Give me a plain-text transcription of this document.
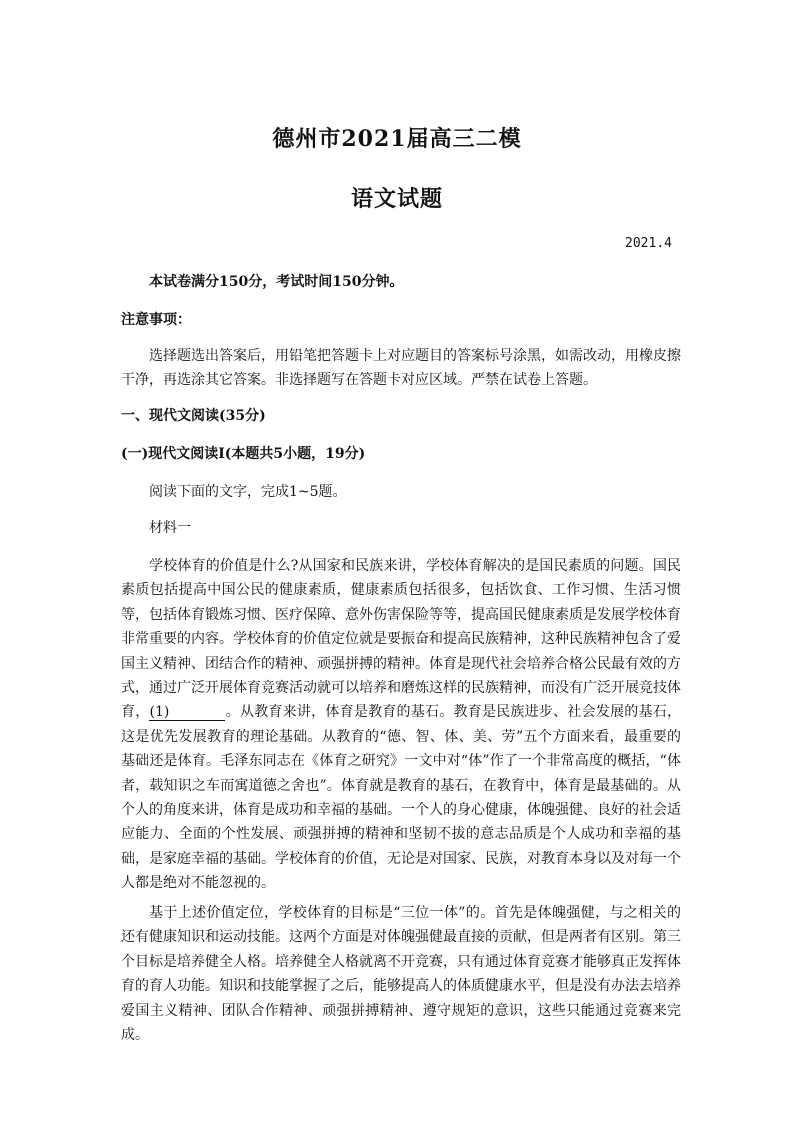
德州市2021届高三二模
语文试题
2021.4
本试卷满分150分，考试时间150分钟。
注意事项：
选择题选出答案后，用铅笔把答题卡上对应题目的答案标号涂黑，如需改动，用橡皮擦干净，再选涂其它答案。非选择题写在答题卡对应区域。严禁在试卷上答题。
一、现代文阅读(35分)
(一)现代文阅读Ⅰ(本题共5小题，19分)
阅读下面的文字，完成1~5题。
材料一
学校体育的价值是什么?从国家和民族来讲，学校体育解决的是国民素质的问题。国民素质包括提高中国公民的健康素质，健康素质包括很多，包括饮食、工作习惯、生活习惯等，包括体育锻炼习惯、医疗保障、意外伤害保险等等，提高国民健康素质是发展学校体育非常重要的内容。学校体育的价值定位就是要振奋和提高民族精神，这种民族精神包含了爱国主义精神、团结合作的精神、顽强拼搏的精神。体育是现代社会培养合格公民最有效的方式，通过广泛开展体育竞赛活动就可以培养和磨炼这样的民族精神，而没有广泛开展竞技体育，(1)	。从教育来讲，体育是教育的基石。教育是民族进步、社会发展的基石，这是优先发展教育的理论基础。从教育的“德、智、体、美、劳”五个方面来看，最重要的基础还是体育。毛泽东同志在《体育之研究》一文中对“体”作了一个非常高度的概括，“体者，载知识之车而寓道德之舍也”。体育就是教育的基石，在教育中，体育是最基础的。从个人的角度来讲，体育是成功和幸福的基础。一个人的身心健康，体魄强健、良好的社会适应能力、全面的个性发展、顽强拼搏的精神和坚韧不拔的意志品质是个人成功和幸福的基础，是家庭幸福的基础。学校体育的价值，无论是对国家、民族，对教育本身以及对每一个人都是绝对不能忽视的。
基于上述价值定位，学校体育的目标是“三位一体”的。首先是体魄强健，与之相关的还有健康知识和运动技能。这两个方面是对体魄强健最直接的贡献，但是两者有区别。第三个目标是培养健全人格。培养健全人格就离不开竞赛，只有通过体育竞赛才能够真正发挥体育的育人功能。知识和技能掌握了之后，能够提高人的体质健康水平，但是没有办法去培养爱国主义精神、团队合作精神、顽强拼搏精神、遵守规矩的意识，这些只能通过竞赛来完成。
